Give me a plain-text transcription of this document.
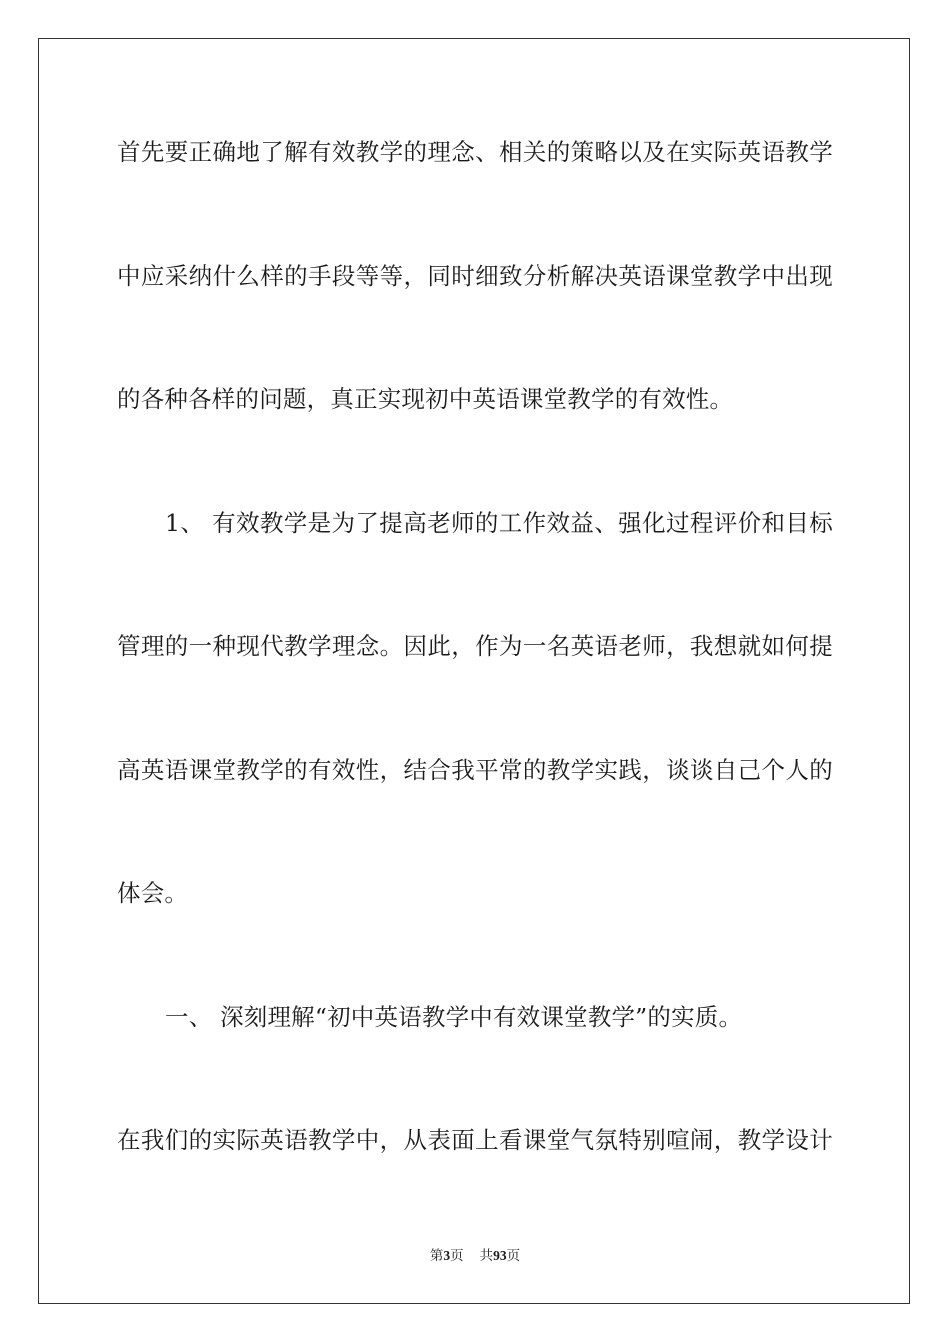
首先要正确地了解有效教学的理念、相关的策略以及在实际英语教学
中应采纳什么样的手段等等，同时细致分析解决英语课堂教学中出现
的各种各样的问题，真正实现初中英语课堂教学的有效性。
1、 有效教学是为了提高老师的工作效益、强化过程评价和目标
管理的一种现代教学理念。因此，作为一名英语老师，我想就如何提
高英语课堂教学的有效性，结合我平常的教学实践，谈谈自己个人的
体会。
一、 深刻理解“初中英语教学中有效课堂教学”的实质。
在我们的实际英语教学中，从表面上看课堂气氛特别喧闹，教学设计
第3页 共93页
